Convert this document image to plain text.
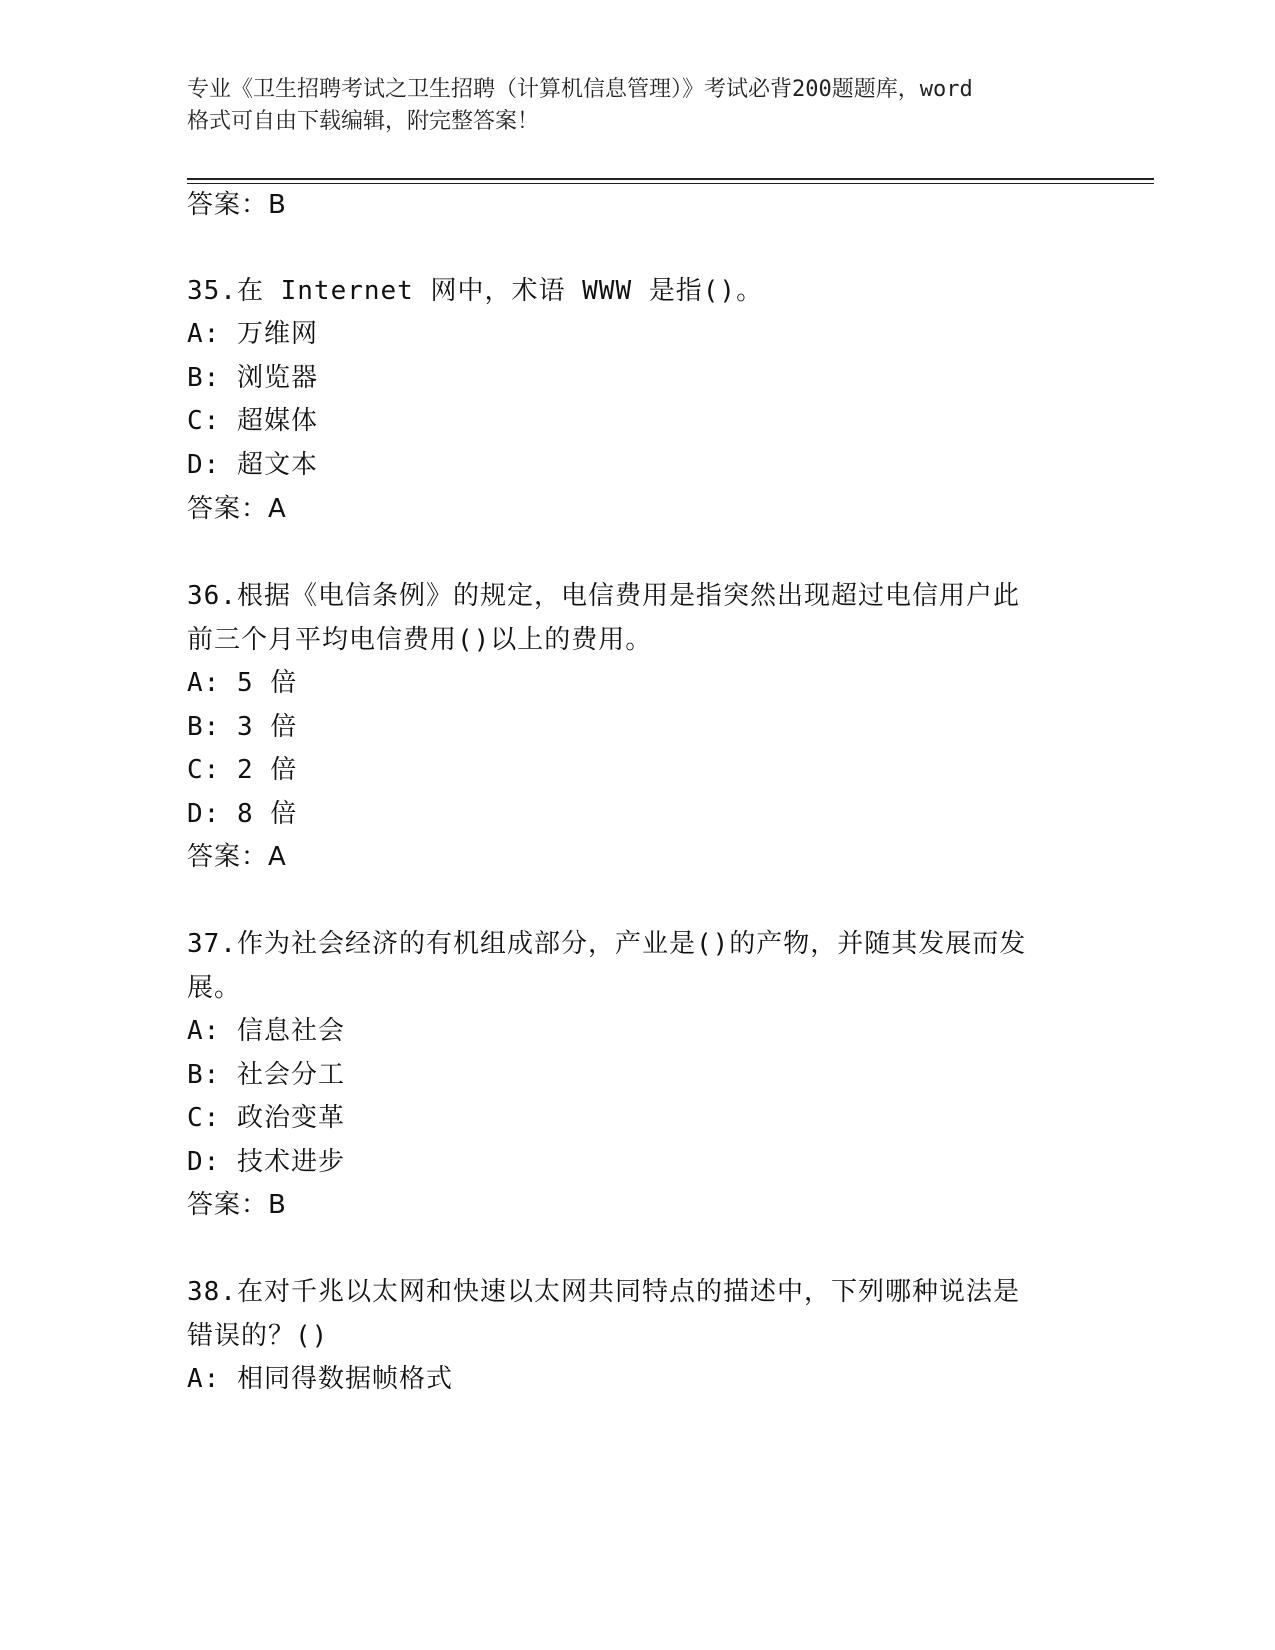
专业《卫生招聘考试之卫生招聘（计算机信息管理）》考试必背200题题库，word
格式可自由下载编辑，附完整答案！
答案：B
35.在 Internet 网中，术语 WWW 是指()。
A: 万维网
B: 浏览器
C: 超媒体
D: 超文本
答案：A
36.根据《电信条例》的规定，电信费用是指突然出现超过电信用户此
前三个月平均电信费用()以上的费用。
A: 5 倍
B: 3 倍
C: 2 倍
D: 8 倍
答案：A
37.作为社会经济的有机组成部分，产业是()的产物，并随其发展而发
展。
A: 信息社会
B: 社会分工
C: 政治变革
D: 技术进步
答案：B
38.在对千兆以太网和快速以太网共同特点的描述中，下列哪种说法是
错误的？()
A: 相同得数据帧格式
